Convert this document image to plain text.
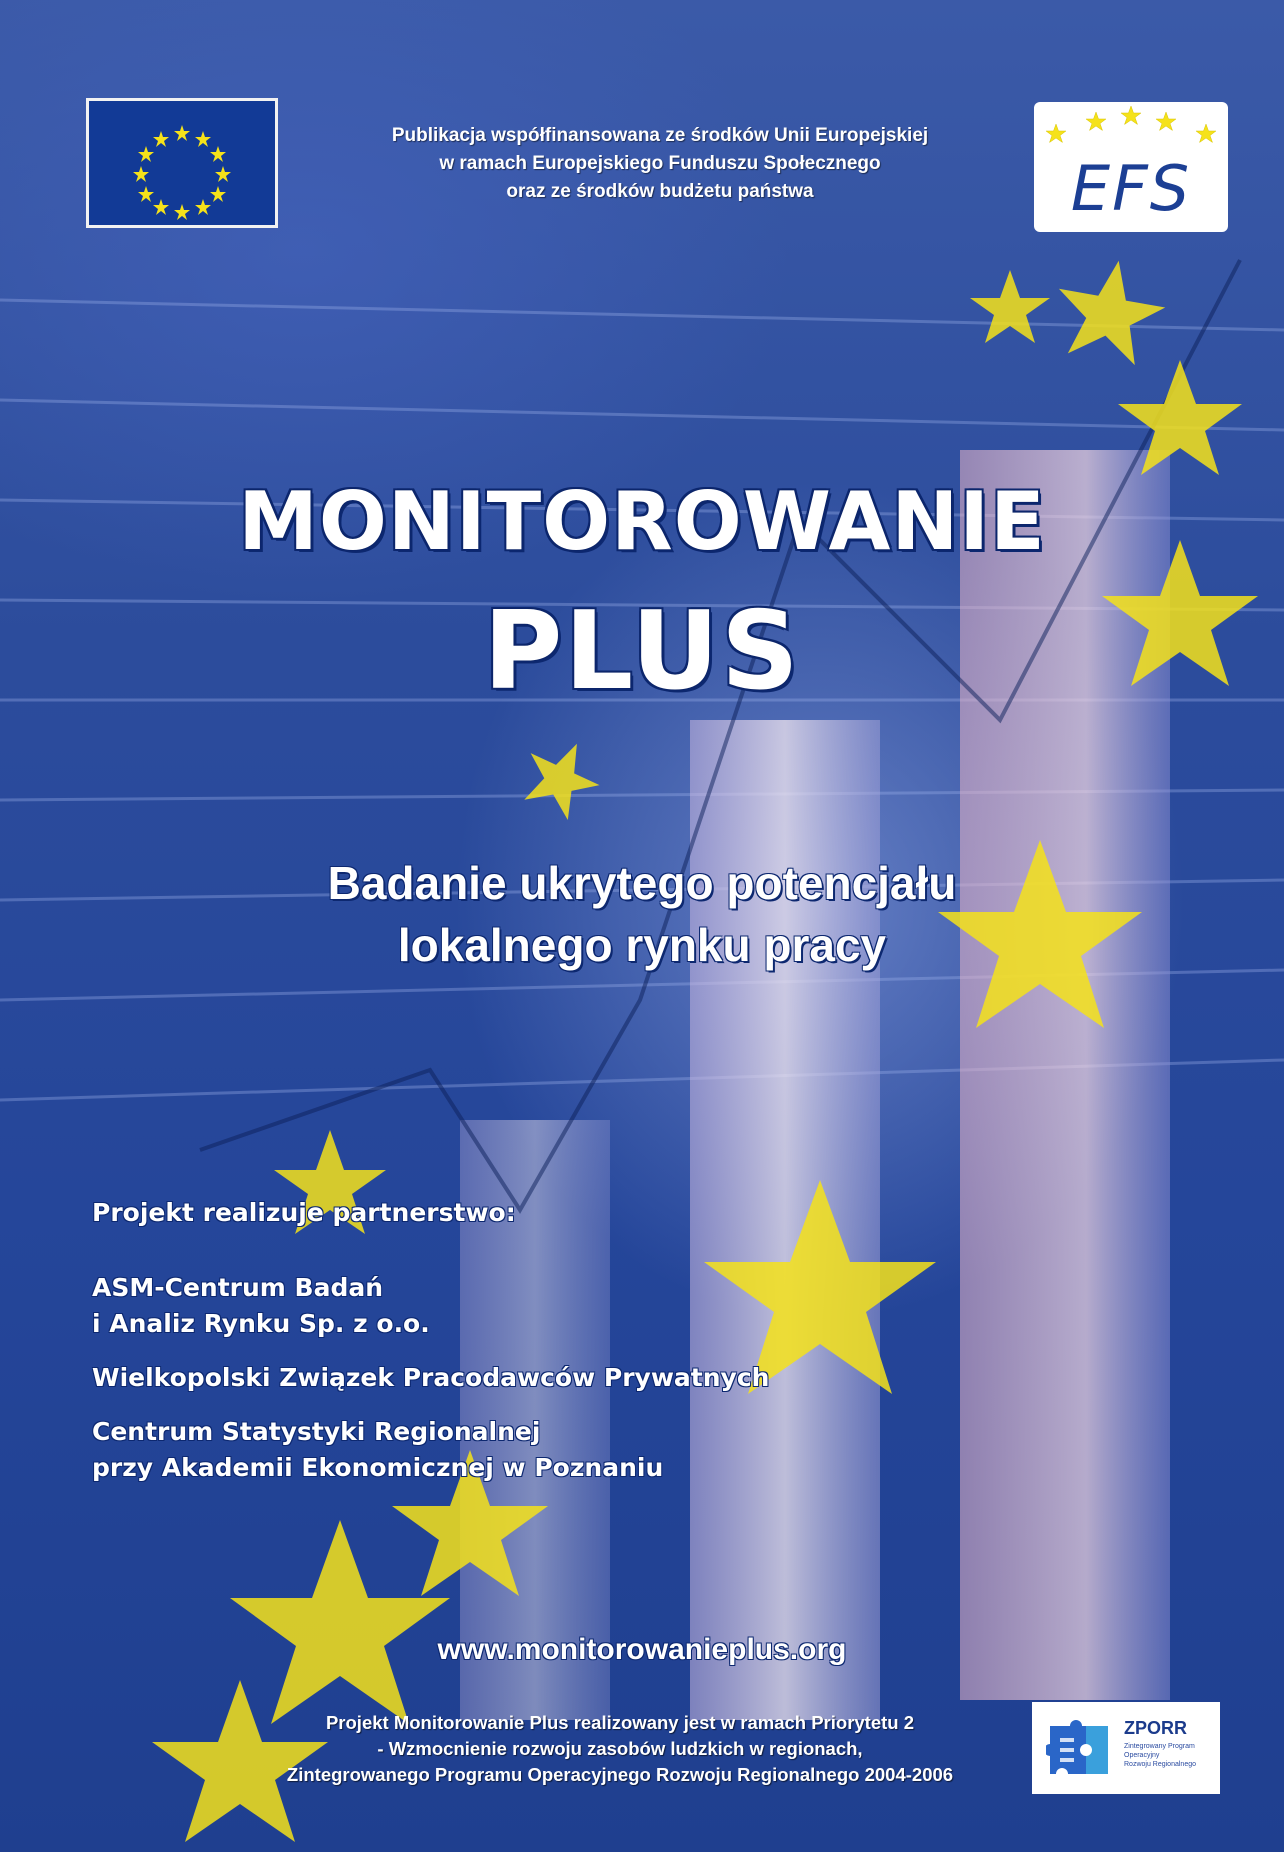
Publikacja współfinansowana ze środków Unii Europejskiej
w ramach Europejskiego Funduszu Społecznego
oraz ze środków budżetu państwa	EFS
MONITOROWANIE
PLUS
Badanie ukrytego potencjału
lokalnego rynku pracy
Projekt realizuje partnerstwo:
ASM-Centrum Badań
i Analiz Rynku Sp. z o.o.
Wielkopolski Związek Pracodawców Prywatnych
Centrum Statystyki Regionalnej
przy Akademii Ekonomicznej w Poznaniu
www.monitorowanieplus.org
Projekt Monitorowanie Plus realizowany jest w ramach Priorytetu 2
- Wzmocnienie rozwoju zasobów ludzkich w regionach,
Zintegrowanego Programu Operacyjnego Rozwoju Regionalnego 2004-2006
ZPORR
Zintegrowany Program
Operacyjny
Rozwoju Regionalnego
